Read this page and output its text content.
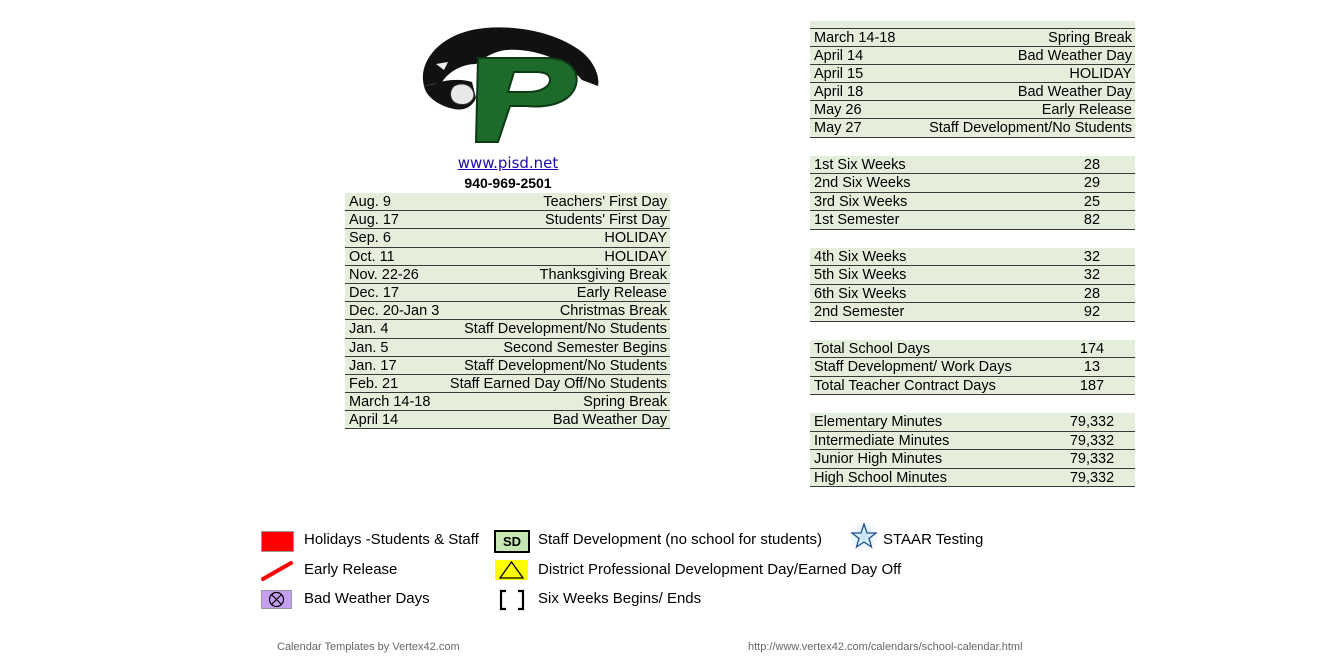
www.pisd.net
940-969-2501
Aug. 9	Teachers' First Day
Aug. 17	Students' First Day
Sep. 6	HOLIDAY
Oct. 11	HOLIDAY
Nov. 22-26	Thanksgiving Break
Dec. 17	Early Release
Dec. 20-Jan 3	Christmas Break
Jan. 4	Staff Development/No Students
Jan. 5	Second Semester Begins
Jan. 17	Staff Development/No Students
Feb. 21	Staff Earned Day Off/No Students
March 14-18	Spring Break
April 14	Bad Weather Day
March 14-18	Spring Break
April 14	Bad Weather Day
April 15	HOLIDAY
April 18	Bad Weather Day
May 26	Early Release
May 27	Staff Development/No Students
1st Six Weeks	28
2nd Six Weeks	29
3rd Six Weeks	25
1st Semester	82
4th Six Weeks	32
5th Six Weeks	32
6th Six Weeks	28
2nd Semester	92
Total School Days	174
Staff Development/ Work Days	13
Total Teacher Contract Days	187
Elementary Minutes	79,332
Intermediate Minutes	79,332
Junior High Minutes	79,332
High School Minutes	79,332
Holidays -Students & Staff
Early Release
Bad Weather Days
SD	Staff Development (no school for students)
District Professional Development Day/Earned Day Off
Six Weeks Begins/ Ends
STAAR Testing
Calendar Templates by Vertex42.com	http://www.vertex42.com/calendars/school-calendar.html
